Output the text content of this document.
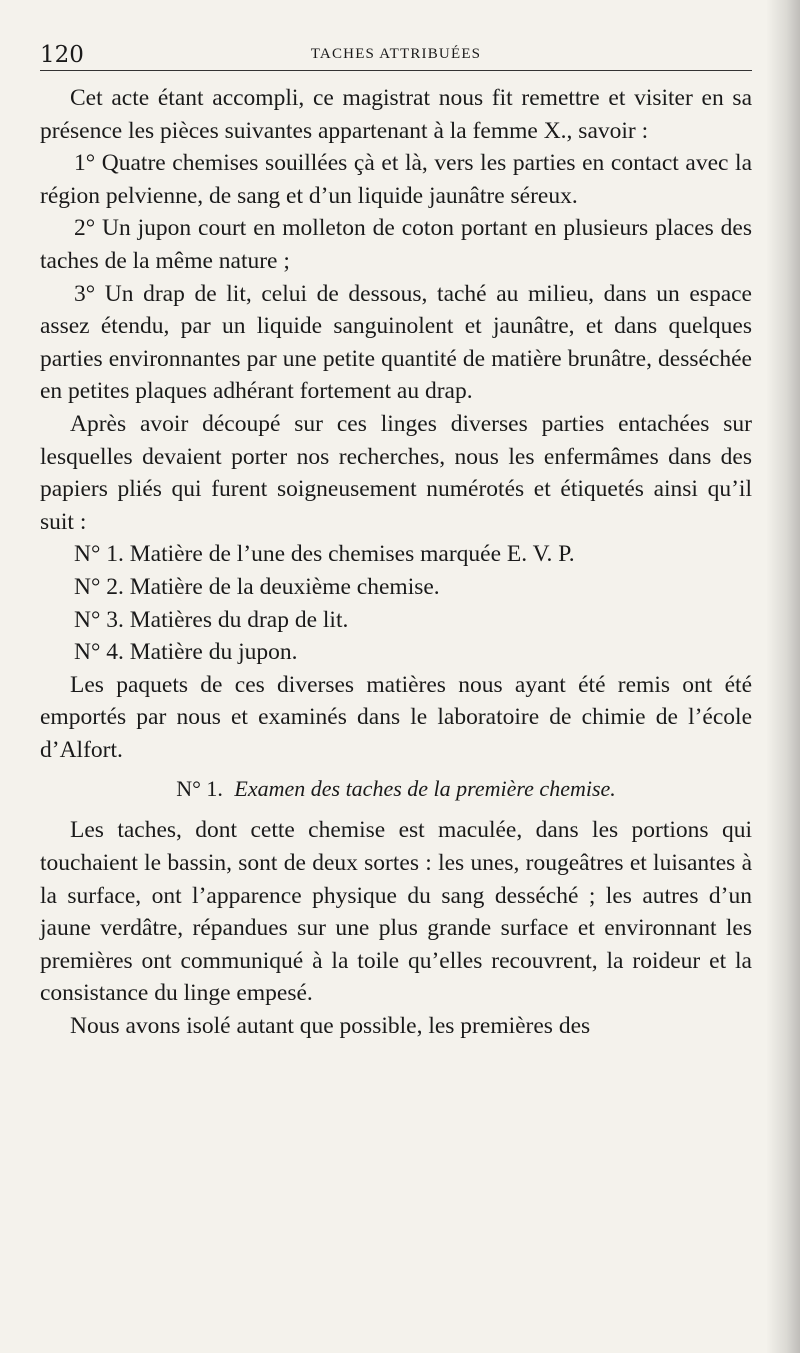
120	TACHES ATTRIBUÉES

Cet acte étant accompli, ce magistrat nous fit remettre et visiter en sa présence les pièces suivantes appartenant à la femme X., savoir :

1° Quatre chemises souillées çà et là, vers les parties en contact avec la région pelvienne, de sang et d’un liquide jaunâtre séreux.

2° Un jupon court en molleton de coton portant en plusieurs places des taches de la même nature ;

3° Un drap de lit, celui de dessous, taché au milieu, dans un espace assez étendu, par un liquide sanguinolent et jaunâtre, et dans quelques parties environnantes par une petite quantité de matière brunâtre, desséchée en petites plaques adhérant fortement au drap.

Après avoir découpé sur ces linges diverses parties entachées sur lesquelles devaient porter nos recherches, nous les enfermâmes dans des papiers pliés qui furent soigneusement numérotés et étiquetés ainsi qu’il suit :

N° 1. Matière de l’une des chemises marquée E. V. P.

N° 2. Matière de la deuxième chemise.

N° 3. Matières du drap de lit.

N° 4. Matière du jupon.

Les paquets de ces diverses matières nous ayant été remis ont été emportés par nous et examinés dans le laboratoire de chimie de l’école d’Alfort.

N° 1. Examen des taches de la première chemise.

Les taches, dont cette chemise est maculée, dans les portions qui touchaient le bassin, sont de deux sortes : les unes, rougeâtres et luisantes à la surface, ont l’apparence physique du sang desséché ; les autres d’un jaune verdâtre, répandues sur une plus grande surface et environnant les premières ont communiqué à la toile qu’elles recouvrent, la roideur et la consistance du linge empesé.

Nous avons isolé autant que possible, les premières des
